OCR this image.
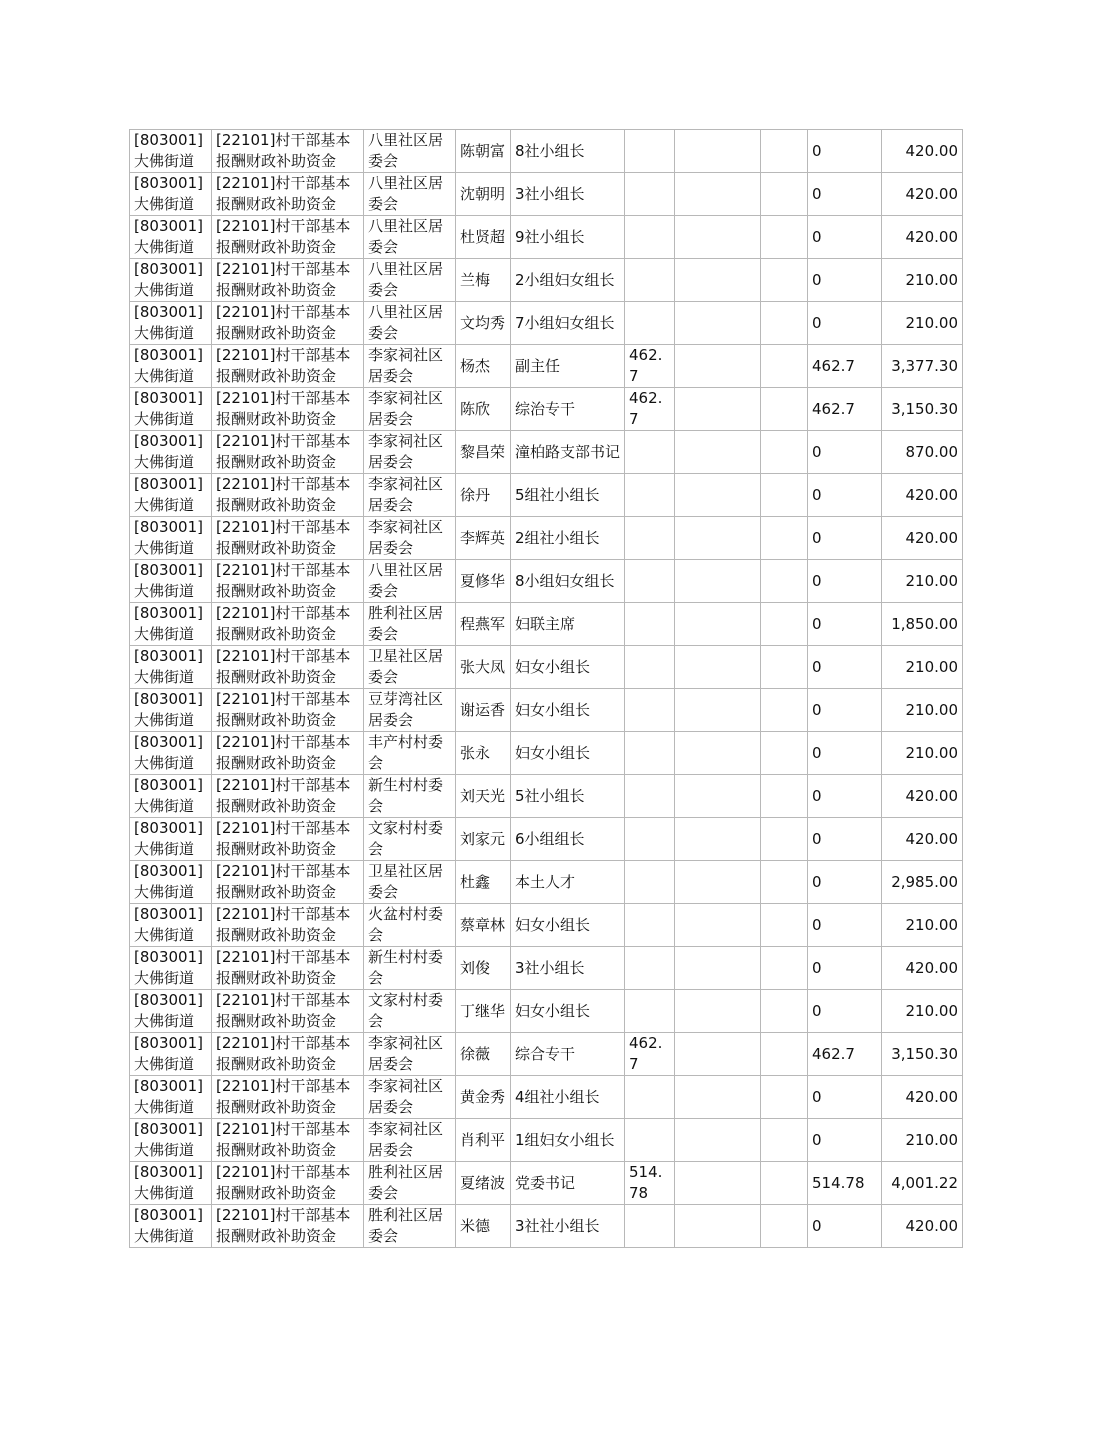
[803001]大佛街道	[22101]村干部基本报酬财政补助资金	八里社区居委会	陈朝富	8社小组长				0	420.00
[803001]大佛街道	[22101]村干部基本报酬财政补助资金	八里社区居委会	沈朝明	3社小组长				0	420.00
[803001]大佛街道	[22101]村干部基本报酬财政补助资金	八里社区居委会	杜贤超	9社小组长				0	420.00
[803001]大佛街道	[22101]村干部基本报酬财政补助资金	八里社区居委会	兰梅	2小组妇女组长				0	210.00
[803001]大佛街道	[22101]村干部基本报酬财政补助资金	八里社区居委会	文均秀	7小组妇女组长				0	210.00
[803001]大佛街道	[22101]村干部基本报酬财政补助资金	李家祠社区居委会	杨杰	副主任	462.7			462.7	3,377.30
[803001]大佛街道	[22101]村干部基本报酬财政补助资金	李家祠社区居委会	陈欣	综治专干	462.7			462.7	3,150.30
[803001]大佛街道	[22101]村干部基本报酬财政补助资金	李家祠社区居委会	黎昌荣	潼柏路支部书记				0	870.00
[803001]大佛街道	[22101]村干部基本报酬财政补助资金	李家祠社区居委会	徐丹	5组社小组长				0	420.00
[803001]大佛街道	[22101]村干部基本报酬财政补助资金	李家祠社区居委会	李辉英	2组社小组长				0	420.00
[803001]大佛街道	[22101]村干部基本报酬财政补助资金	八里社区居委会	夏修华	8小组妇女组长				0	210.00
[803001]大佛街道	[22101]村干部基本报酬财政补助资金	胜利社区居委会	程燕军	妇联主席				0	1,850.00
[803001]大佛街道	[22101]村干部基本报酬财政补助资金	卫星社区居委会	张大凤	妇女小组长				0	210.00
[803001]大佛街道	[22101]村干部基本报酬财政补助资金	豆芽湾社区居委会	谢运香	妇女小组长				0	210.00
[803001]大佛街道	[22101]村干部基本报酬财政补助资金	丰产村村委会	张永	妇女小组长				0	210.00
[803001]大佛街道	[22101]村干部基本报酬财政补助资金	新生村村委会	刘天光	5社小组长				0	420.00
[803001]大佛街道	[22101]村干部基本报酬财政补助资金	文家村村委会	刘家元	6小组组长				0	420.00
[803001]大佛街道	[22101]村干部基本报酬财政补助资金	卫星社区居委会	杜鑫	本土人才				0	2,985.00
[803001]大佛街道	[22101]村干部基本报酬财政补助资金	火盆村村委会	蔡章林	妇女小组长				0	210.00
[803001]大佛街道	[22101]村干部基本报酬财政补助资金	新生村村委会	刘俊	3社小组长				0	420.00
[803001]大佛街道	[22101]村干部基本报酬财政补助资金	文家村村委会	丁继华	妇女小组长				0	210.00
[803001]大佛街道	[22101]村干部基本报酬财政补助资金	李家祠社区居委会	徐薇	综合专干	462.7			462.7	3,150.30
[803001]大佛街道	[22101]村干部基本报酬财政补助资金	李家祠社区居委会	黄金秀	4组社小组长				0	420.00
[803001]大佛街道	[22101]村干部基本报酬财政补助资金	李家祠社区居委会	肖利平	1组妇女小组长				0	210.00
[803001]大佛街道	[22101]村干部基本报酬财政补助资金	胜利社区居委会	夏绪波	党委书记	514.78			514.78	4,001.22
[803001]大佛街道	[22101]村干部基本报酬财政补助资金	胜利社区居委会	米德	3社社小组长				0	420.00
